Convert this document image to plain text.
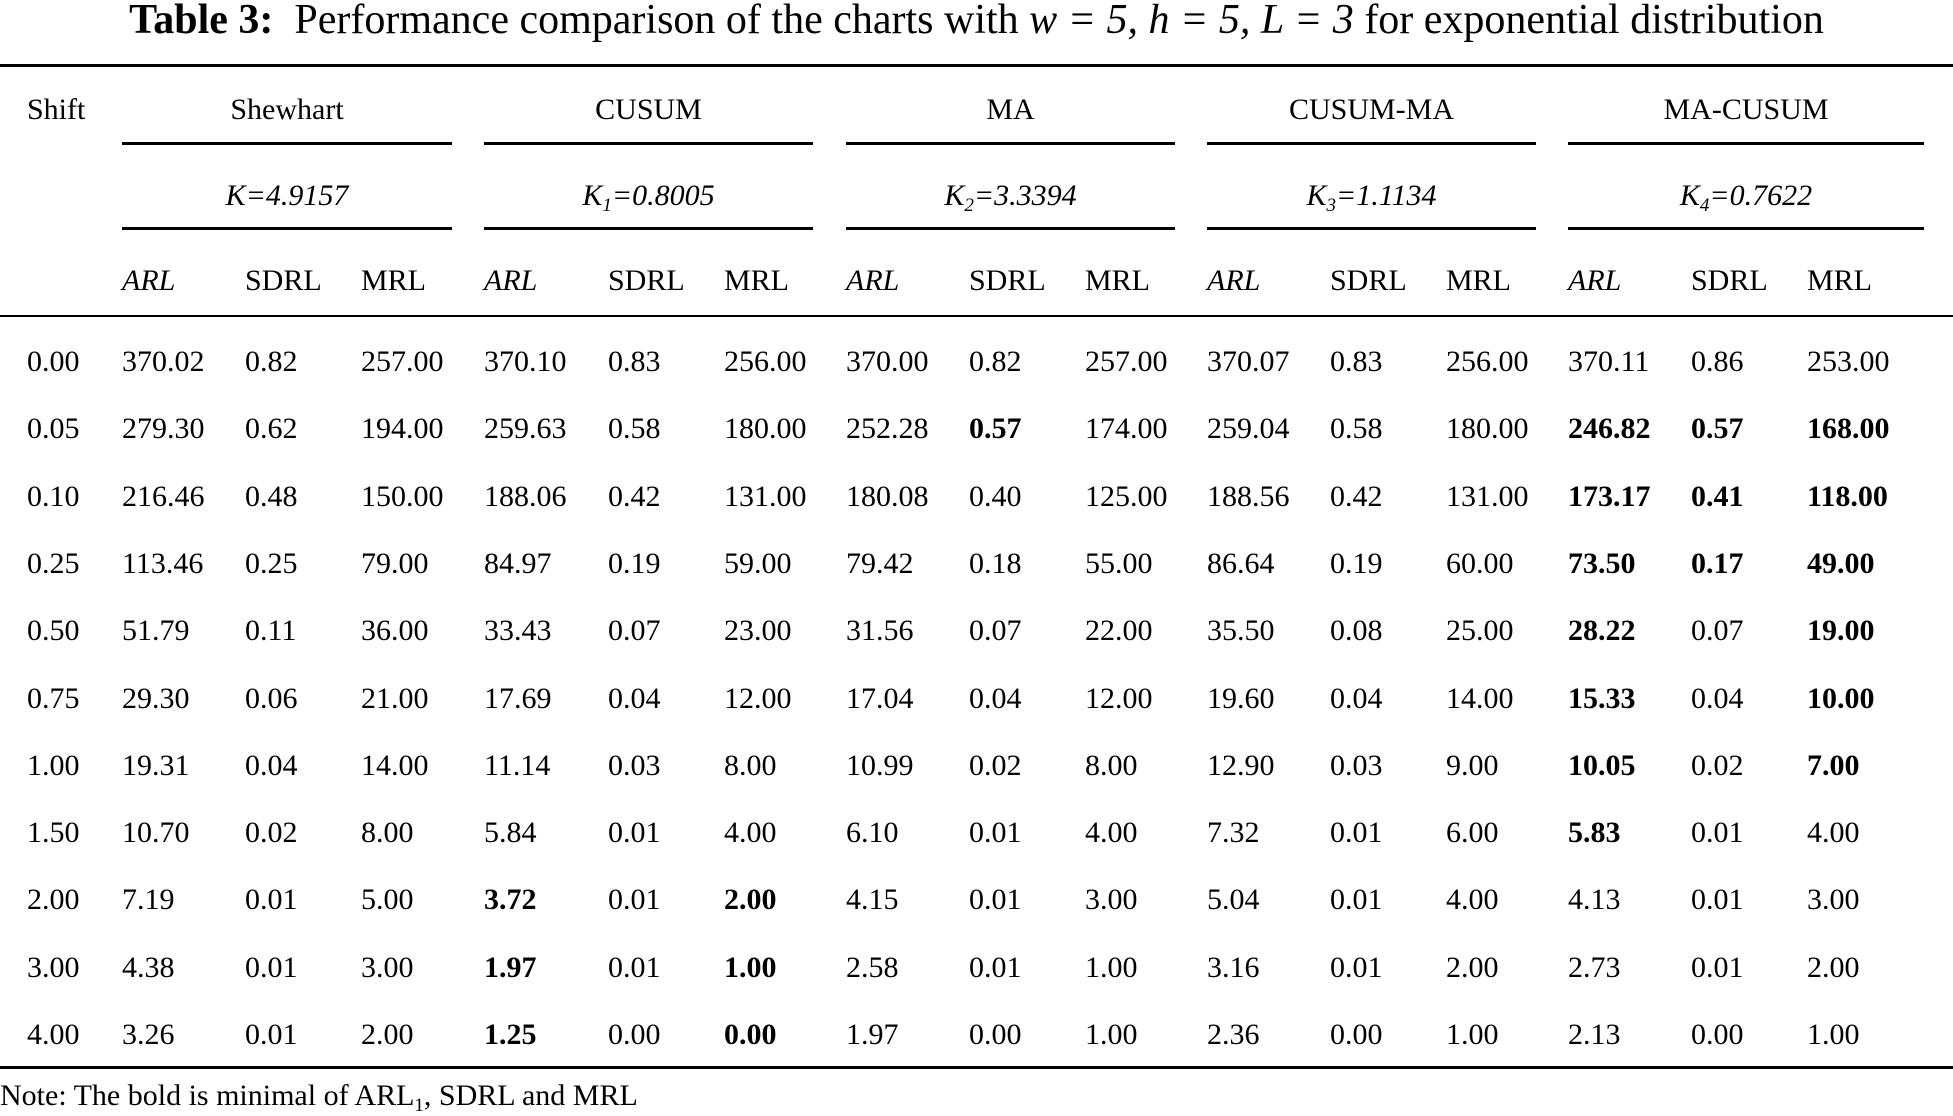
Table 3: Performance comparison of the charts with w = 5, h = 5, L = 3 for exponential distribution
Shift	Shewhart
K=4.9157
ARL SDRL MRL
CUSUM
$K_1=0.8005$
ARL SDRL MRL
MA
$K_2=3.3394$
ARL SDRL MRL
CUSUM-MA
$K_3=1.1134$
ARL SDRL MRL
MA-CUSUM
$K_4=0.7622$
ARL SDRL MRL
0.00 370.02 0.82 257.00 370.10 0.83 256.00 370.00 0.82 257.00 370.07 0.83 256.00 370.11 0.86 253.00
0.05 279.30 0.62 194.00 259.63 0.58 180.00 252.28 0.57 174.00 259.04 0.58 180.00 246.82 0.57 168.00
0.10 216.46 0.48 150.00 188.06 0.42 131.00 180.08 0.40 125.00 188.56 0.42 131.00 173.17 0.41 118.00
0.25 113.46 0.25 79.00 84.97 0.19 59.00 79.42 0.18 55.00 86.64 0.19 60.00 73.50 0.17 49.00
0.50 51.79 0.11 36.00 33.43 0.07 23.00 31.56 0.07 22.00 35.50 0.08 25.00 28.22 0.07 19.00
0.75 29.30 0.06 21.00 17.69 0.04 12.00 17.04 0.04 12.00 19.60 0.04 14.00 15.33 0.04 10.00
1.00 19.31 0.04 14.00 11.14 0.03 8.00 10.99 0.02 8.00 12.90 0.03 9.00 10.05 0.02 7.00
1.50 10.70 0.02 8.00 5.84 0.01 4.00 6.10 0.01 4.00 7.32 0.01 6.00 5.83 0.01 4.00
2.00 7.19 0.01 5.00 3.72 0.01 2.00 4.15 0.01 3.00 5.04 0.01 4.00 4.13 0.01 3.00
3.00 4.38 0.01 3.00 1.97 0.01 1.00 2.58 0.01 1.00 3.16 0.01 2.00 2.73 0.01 2.00
4.00 3.26 0.01 2.00 1.25 0.00 0.00 1.97 0.00 1.00 2.36 0.00 1.00 2.13 0.00 1.00
Note: The bold is minimal of $ARL_1$, SDRL and MRL
